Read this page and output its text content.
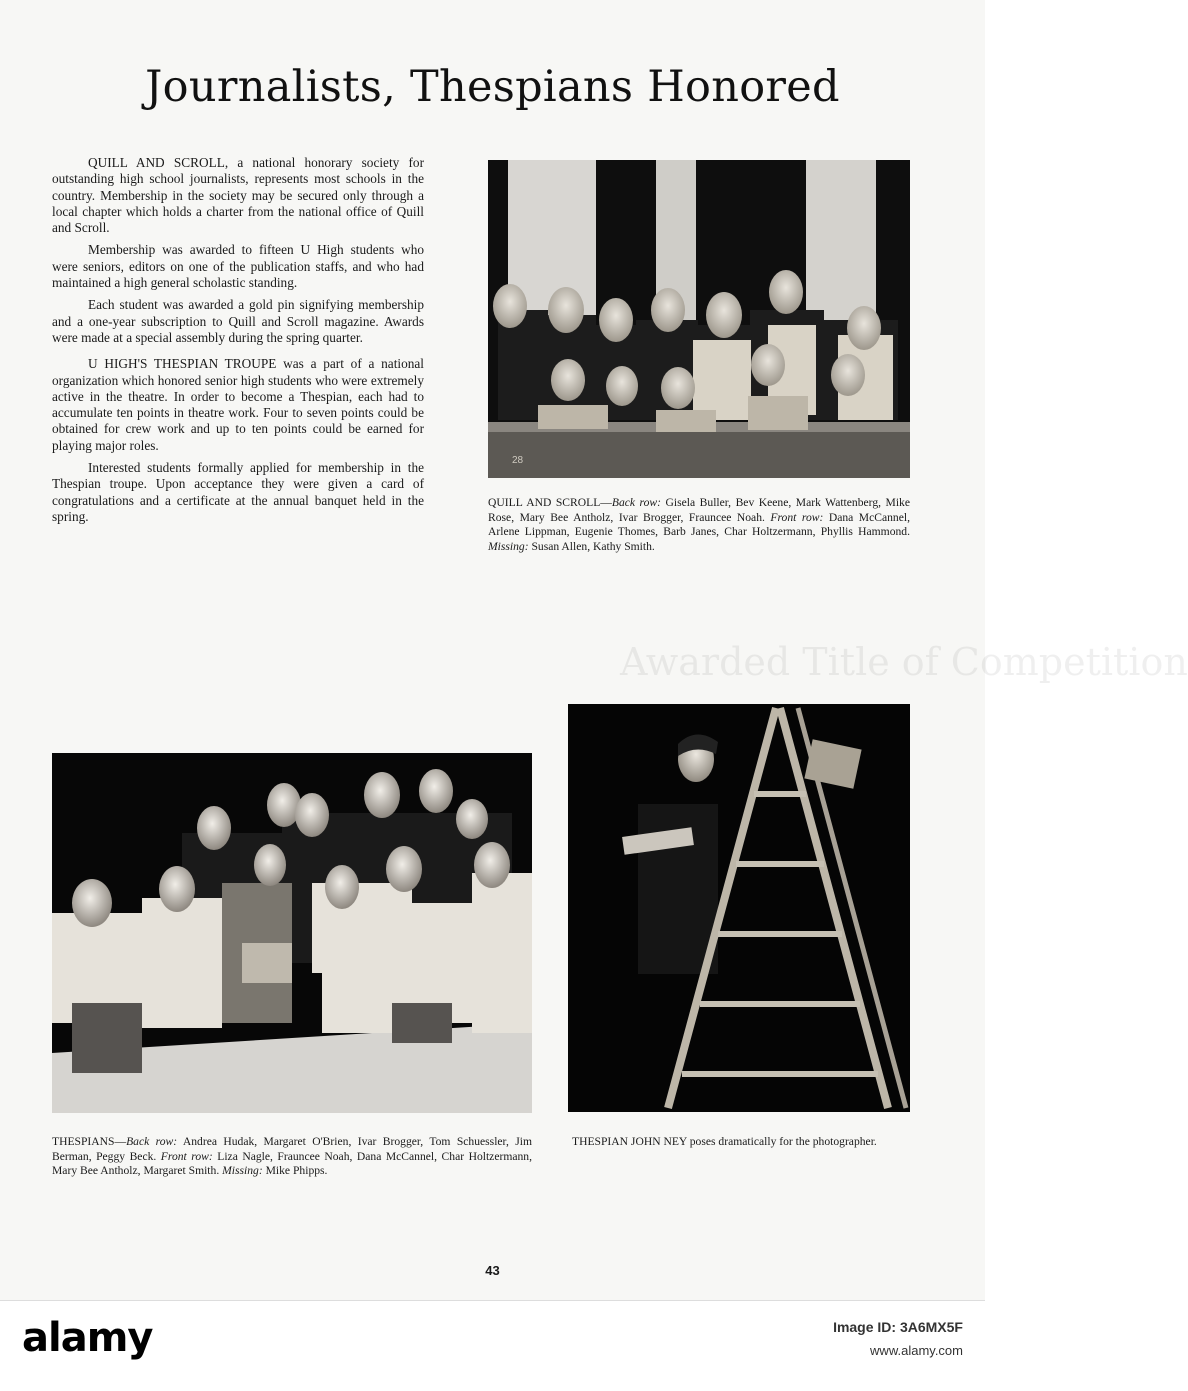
Awarded Title of Competition
Journalists, Thespians Honored

QUILL AND SCROLL, a national honorary society for outstanding high school journalists, represents most schools in the country. Membership in the society may be secured only through a local chapter which holds a charter from the national office of Quill and Scroll.

Membership was awarded to fifteen U High students who were seniors, editors on one of the publication staffs, and who had maintained a high general scholastic standing.

Each student was awarded a gold pin signifying membership and a one-year subscription to Quill and Scroll magazine. Awards were made at a special assembly during the spring quarter.

U HIGH'S THESPIAN TROUPE was a part of a national organization which honored senior high students who were extremely active in the theatre. In order to become a Thespian, each had to accumulate ten points in theatre work. Four to seven points could be obtained for crew work and up to ten points could be earned for playing major roles.

Interested students formally applied for membership in the Thespian troupe. Upon acceptance they were given a card of congratulations and a certificate at the annual banquet held in the spring.

28
QUILL AND SCROLL—Back row: Gisela Buller, Bev Keene, Mark Wattenberg, Mike Rose, Mary Bee Antholz, Ivar Brogger, Frauncee Noah. Front row: Dana McCannel, Arlene Lippman, Eugenie Thomes, Barb Janes, Char Holtzermann, Phyllis Hammond. Missing: Susan Allen, Kathy Smith.
THESPIANS—Back row: Andrea Hudak, Margaret O'Brien, Ivar Brogger, Tom Schuessler, Jim Berman, Peggy Beck. Front row: Liza Nagle, Frauncee Noah, Dana McCannel, Char Holtzermann, Mary Bee Antholz, Margaret Smith. Missing: Mike Phipps.
THESPIAN JOHN NEY poses dramatically for the photographer.
43
alamy	Image ID: 3A6MX5F
www.alamy.com
